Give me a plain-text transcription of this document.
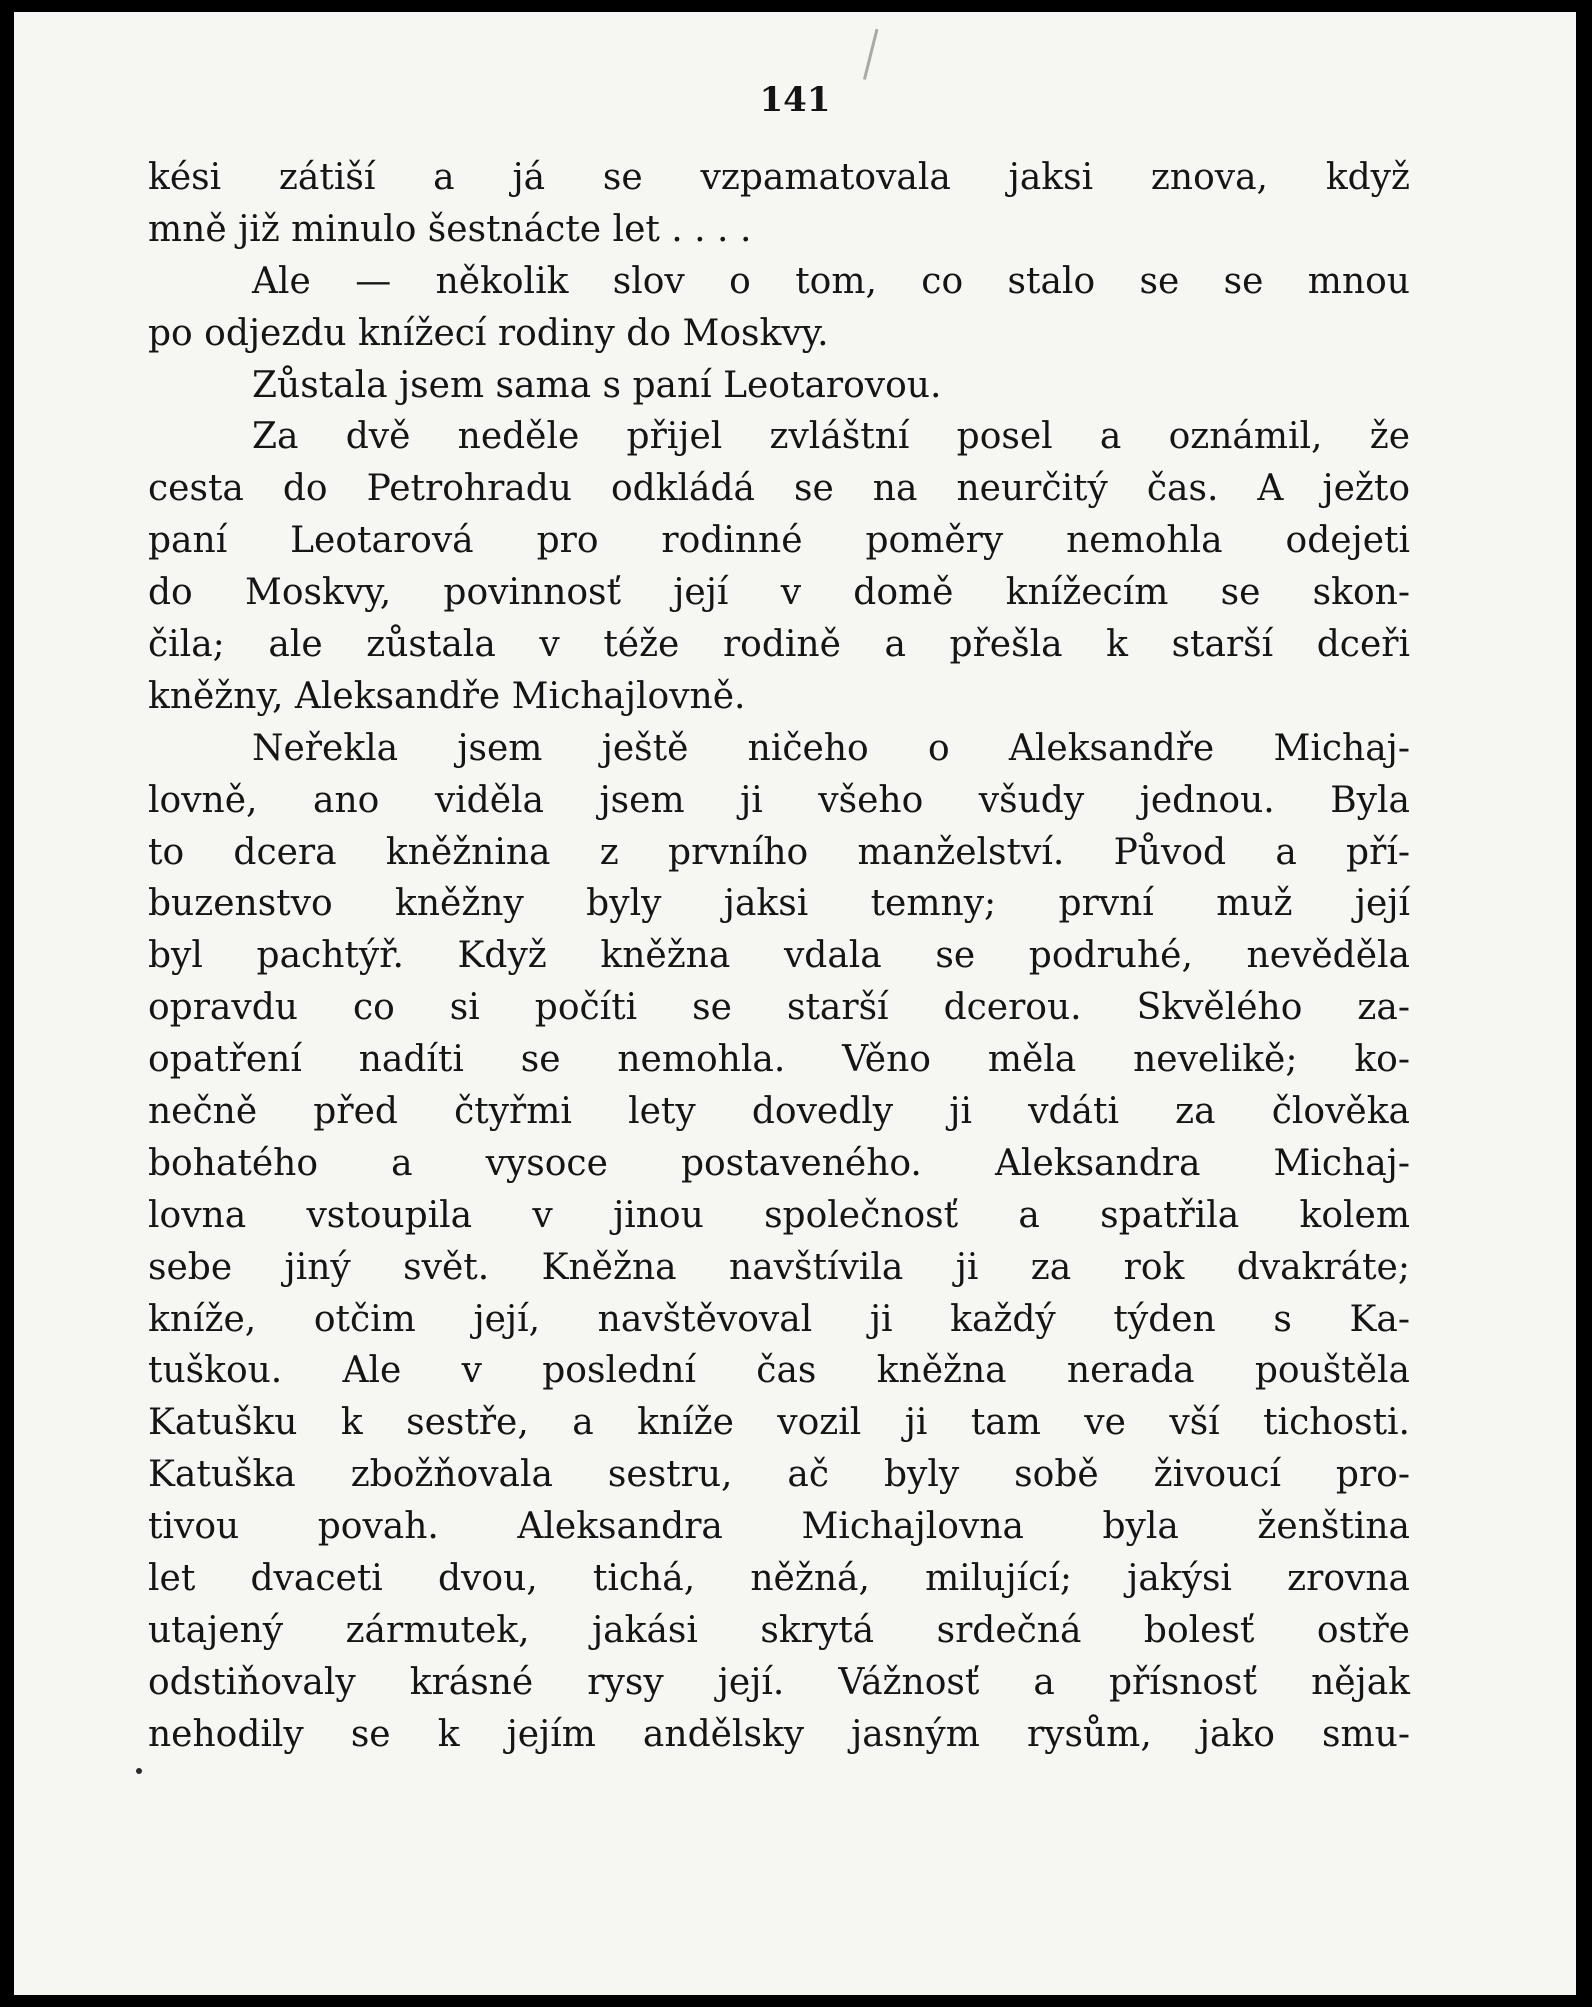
141

kési zátiší a já se vzpamatovala jaksi znova, když
mně již minulo šestnácte let . . . .
Ale — několik slov o tom, co stalo se se mnou
po odjezdu knížecí rodiny do Moskvy.
Zůstala jsem sama s paní Leotarovou.
Za dvě neděle přijel zvláštní posel a oznámil, že
cesta do Petrohradu odkládá se na neurčitý čas. A ježto
paní Leotarová pro rodinné poměry nemohla odejeti
do Moskvy, povinnosť její v domě knížecím se skon-
čila; ale zůstala v téže rodině a přešla k starší dceři
kněžny, Aleksandře Michajlovně.
Neřekla jsem ještě ničeho o Aleksandře Michaj-
lovně, ano viděla jsem ji všeho všudy jednou. Byla
to dcera kněžnina z prvního manželství. Původ a pří-
buzenstvo kněžny byly jaksi temny; první muž její
byl pachtýř. Když kněžna vdala se podruhé, nevěděla
opravdu co si počíti se starší dcerou. Skvělého za-
opatření nadíti se nemohla. Věno měla nevelikě; ko-
nečně před čtyřmi lety dovedly ji vdáti za člověka
bohatého a vysoce postaveného. Aleksandra Michaj-
lovna vstoupila v jinou společnosť a spatřila kolem
sebe jiný svět. Kněžna navštívila ji za rok dvakráte;
kníže, otčim její, navštěvoval ji každý týden s Ka-
tuškou. Ale v poslední čas kněžna nerada pouštěla
Katušku k sestře, a kníže vozil ji tam ve vší tichosti.
Katuška zbožňovala sestru, ač byly sobě živoucí pro-
tivou povah. Aleksandra Michajlovna byla ženština
let dvaceti dvou, tichá, něžná, milující; jakýsi zrovna
utajený zármutek, jakási skrytá srdečná bolesť ostře
odstiňovaly krásné rysy její. Vážnosť a přísnosť nějak
nehodily se k jejím andělsky jasným rysům, jako smu-
